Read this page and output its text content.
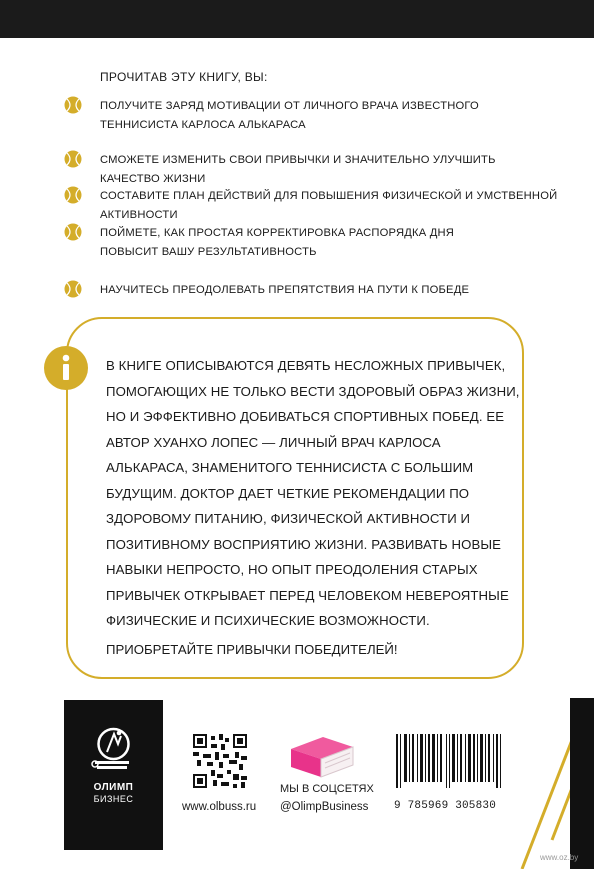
ПРОЧИТАВ ЭТУ КНИГУ, ВЫ:
ПОЛУЧИТЕ ЗАРЯД МОТИВАЦИИ ОТ ЛИЧНОГО ВРАЧА ИЗВЕСТНОГО ТЕННИСИСТА КАРЛОСА АЛЬКАРАСА
СМОЖЕТЕ ИЗМЕНИТЬ СВОИ ПРИВЫЧКИ И ЗНАЧИТЕЛЬНО УЛУЧШИТЬ КАЧЕСТВО ЖИЗНИ
СОСТАВИТЕ ПЛАН ДЕЙСТВИЙ ДЛЯ ПОВЫШЕНИЯ ФИЗИЧЕСКОЙ И УМСТВЕННОЙ АКТИВНОСТИ
ПОЙМЕТЕ, КАК ПРОСТАЯ КОРРЕКТИРОВКА РАСПОРЯДКА ДНЯ ПОВЫСИТ ВАШУ РЕЗУЛЬТАТИВНОСТЬ
НАУЧИТЕСЬ ПРЕОДОЛЕВАТЬ ПРЕПЯТСТВИЯ НА ПУТИ К ПОБЕДЕ
В КНИГЕ ОПИСЫВАЮТСЯ ДЕВЯТЬ НЕСЛОЖНЫХ ПРИВЫЧЕК, ПОМОГАЮЩИХ НЕ ТОЛЬКО ВЕСТИ ЗДОРОВЫЙ ОБРАЗ ЖИЗНИ, НО И ЭФФЕКТИВНО ДОБИВАТЬСЯ СПОРТИВНЫХ ПОБЕД. ЕЕ АВТОР ХУАНХО ЛОПЕС — ЛИЧНЫЙ ВРАЧ КАРЛОСА АЛЬКАРАСА, ЗНАМЕНИТОГО ТЕННИСИСТА С БОЛЬШИМ БУДУЩИМ. ДОКТОР ДАЕТ ЧЕТКИЕ РЕКОМЕНДАЦИИ ПО ЗДОРОВОМУ ПИТАНИЮ, ФИЗИЧЕСКОЙ АКТИВНОСТИ И ПОЗИТИВНОМУ ВОСПРИЯТИЮ ЖИЗНИ. РАЗВИВАТЬ НОВЫЕ НАВЫКИ НЕПРОСТО, НО ОПЫТ ПРЕОДОЛЕНИЯ СТАРЫХ ПРИВЫЧЕК ОТКРЫВАЕТ ПЕРЕД ЧЕЛОВЕКОМ НЕВЕРОЯТНЫЕ ФИЗИЧЕСКИЕ И ПСИХИЧЕСКИЕ ВОЗМОЖНОСТИ.
ПРИОБРЕТАЙТЕ ПРИВЫЧКИ ПОБЕДИТЕЛЕЙ!
ОЛИМП
БИЗНЕС
www.olbuss.ru
МЫ В СОЦСЕТЯХ
@OlimpBusiness 9 785969 305830
www.oz.by
